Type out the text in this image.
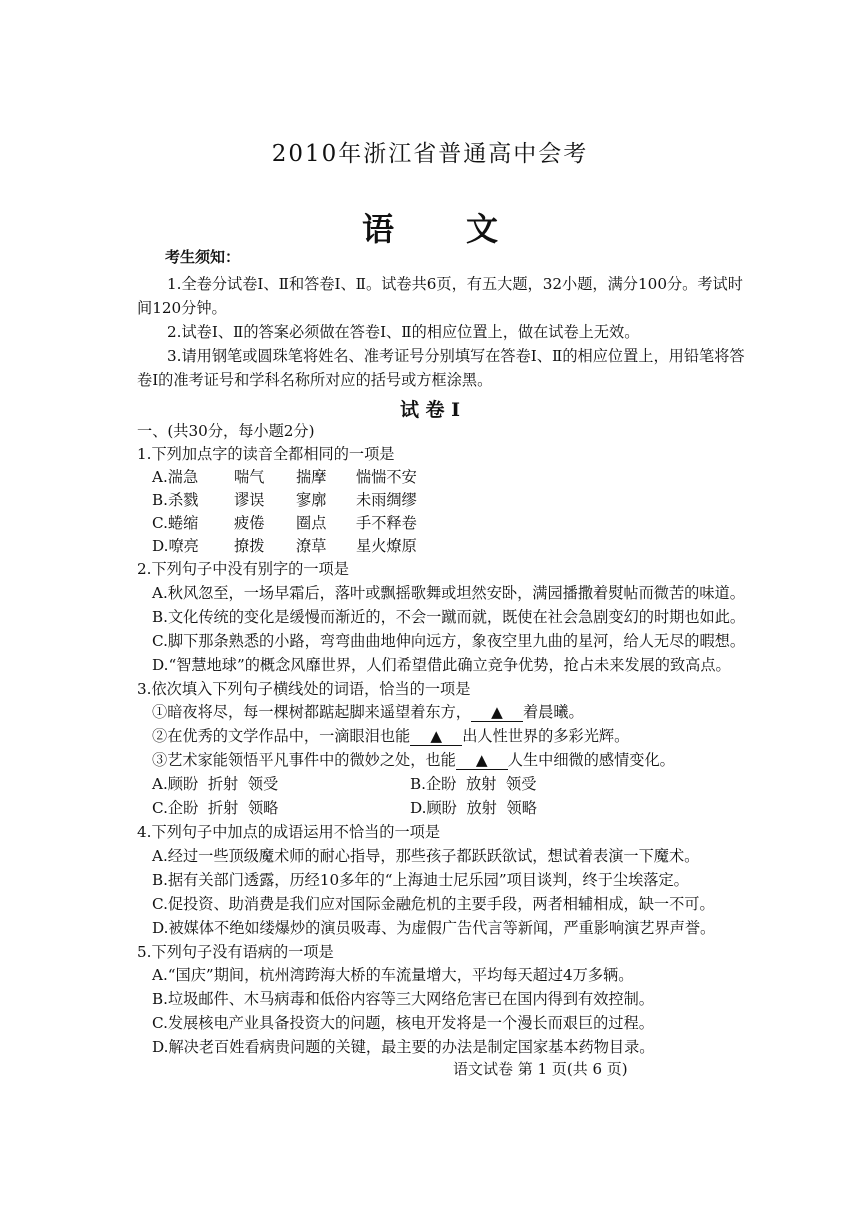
2010年浙江省普通高中会考
语 文
考生须知：
1.全卷分试卷Ⅰ、Ⅱ和答卷Ⅰ、Ⅱ。试卷共6页，有五大题，32小题，满分100分。考试时间120分钟。
2.试卷Ⅰ、Ⅱ的答案必须做在答卷Ⅰ、Ⅱ的相应位置上，做在试卷上无效。
3.请用钢笔或圆珠笔将姓名、准考证号分别填写在答卷Ⅰ、Ⅱ的相应位置上，用铅笔将答卷Ⅰ的准考证号和学科名称所对应的括号或方框涂黑。
试 卷 Ⅰ
一、(共30分，每小题2分)
1.下列加点字的读音全都相同的一项是
A.湍急 喘气 揣摩 惴惴不安
B.杀戮 谬误 寥廓 未雨绸缪
C.蜷缩 疲倦 圈点 手不释卷
D.嘹亮 撩拨 潦草 星火燎原
2.下列句子中没有别字的一项是
A.秋风忽至，一场早霜后，落叶或飘摇歌舞或坦然安卧，满园播撒着熨帖而微苦的味道。
B.文化传统的变化是缓慢而渐近的，不会一蹴而就，既使在社会急剧变幻的时期也如此。
C.脚下那条熟悉的小路，弯弯曲曲地伸向远方，象夜空里九曲的星河，给人无尽的暇想。
D.“智慧地球”的概念风靡世界，人们希望借此确立竞争优势，抢占未来发展的致高点。
3.依次填入下列句子横线处的词语，恰当的一项是
①暗夜将尽，每一棵树都踮起脚来遥望着东方， ▲ 着晨曦。
②在优秀的文学作品中，一滴眼泪也能 ▲ 出人性世界的多彩光辉。
③艺术家能领悟平凡事件中的微妙之处，也能 ▲ 人生中细微的感情变化。
A.顾盼  折射  领受	B.企盼  放射  领受
C.企盼  折射  领略	D.顾盼  放射  领略
4.下列句子中加点的成语运用不恰当的一项是
A.经过一些顶级魔术师的耐心指导，那些孩子都跃跃欲试，想试着表演一下魔术。
B.据有关部门透露，历经10多年的“上海迪士尼乐园”项目谈判，终于尘埃落定。
C.促投资、助消费是我们应对国际金融危机的主要手段，两者相辅相成，缺一不可。
D.被媒体不绝如缕爆炒的演员吸毒、为虚假广告代言等新闻，严重影响演艺界声誉。
5.下列句子没有语病的一项是
A.“国庆”期间，杭州湾跨海大桥的车流量增大，平均每天超过4万多辆。
B.垃圾邮件、木马病毒和低俗内容等三大网络危害已在国内得到有效控制。
C.发展核电产业具备投资大的问题，核电开发将是一个漫长而艰巨的过程。
D.解决老百姓看病贵问题的关键，最主要的办法是制定国家基本药物目录。
语文试卷 第 1 页(共 6 页)
